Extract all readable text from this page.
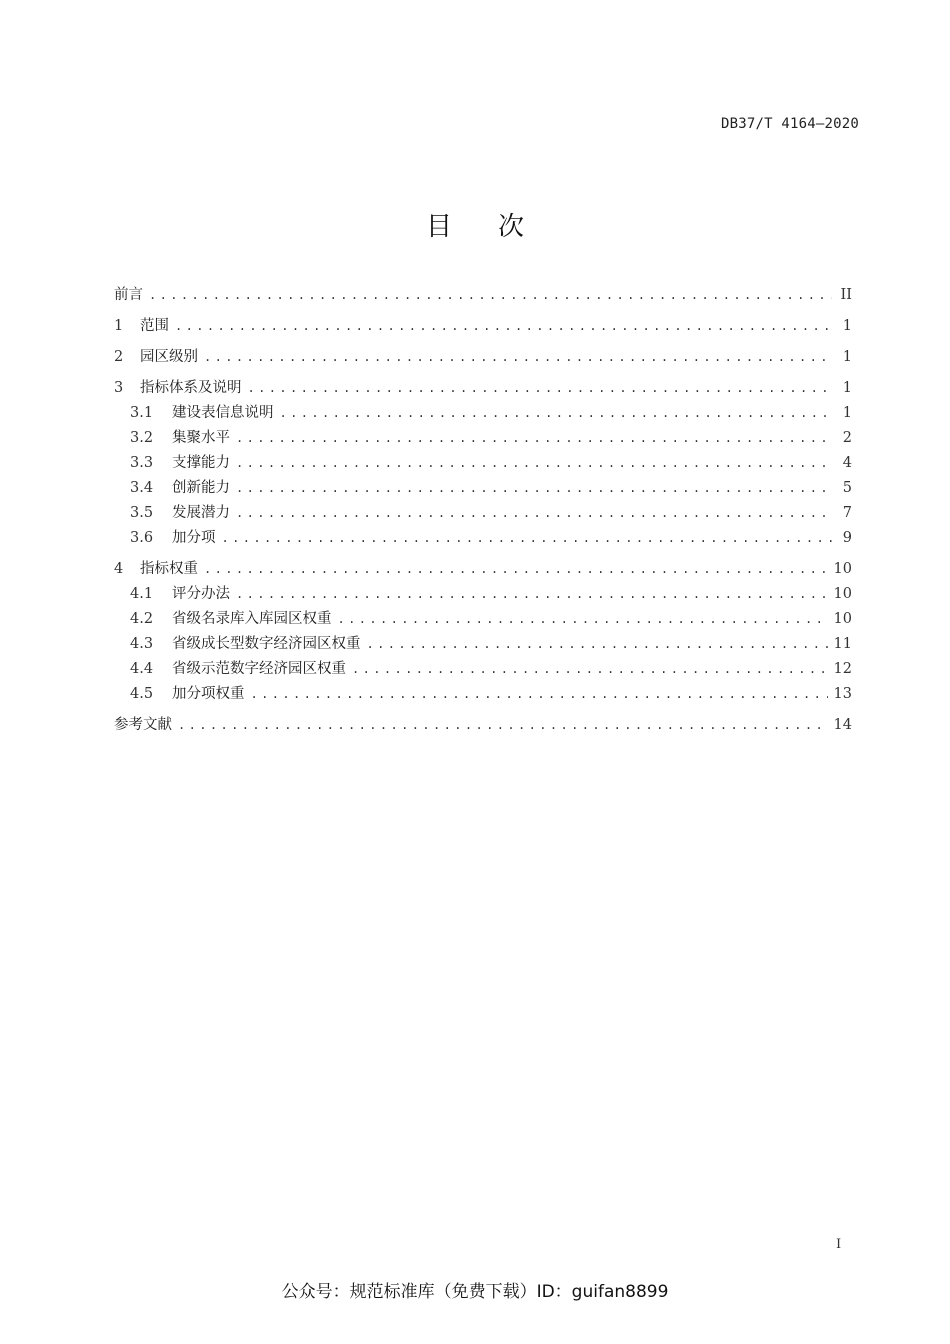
DB37/T 4164—2020
目次
前言 .....	II
1	范围 .....	1
2	园区级别 .....	1
3	指标体系及说明 .....	1
3.1	建设表信息说明 .....	1
3.2	集聚水平 .....	2
3.3	支撑能力 .....	4
3.4	创新能力 .....	5
3.5	发展潜力 .....	7
3.6	加分项 .....	9
4	指标权重 .....	10
4.1	评分办法 .....	10
4.2	省级名录库入库园区权重 .....	10
4.3	省级成长型数字经济园区权重 .....	11
4.4	省级示范数字经济园区权重 .....	12
4.5	加分项权重 .....	13
参考文献 .....	14
I
公众号：规范标准库（免费下载）ID：guifan8899
